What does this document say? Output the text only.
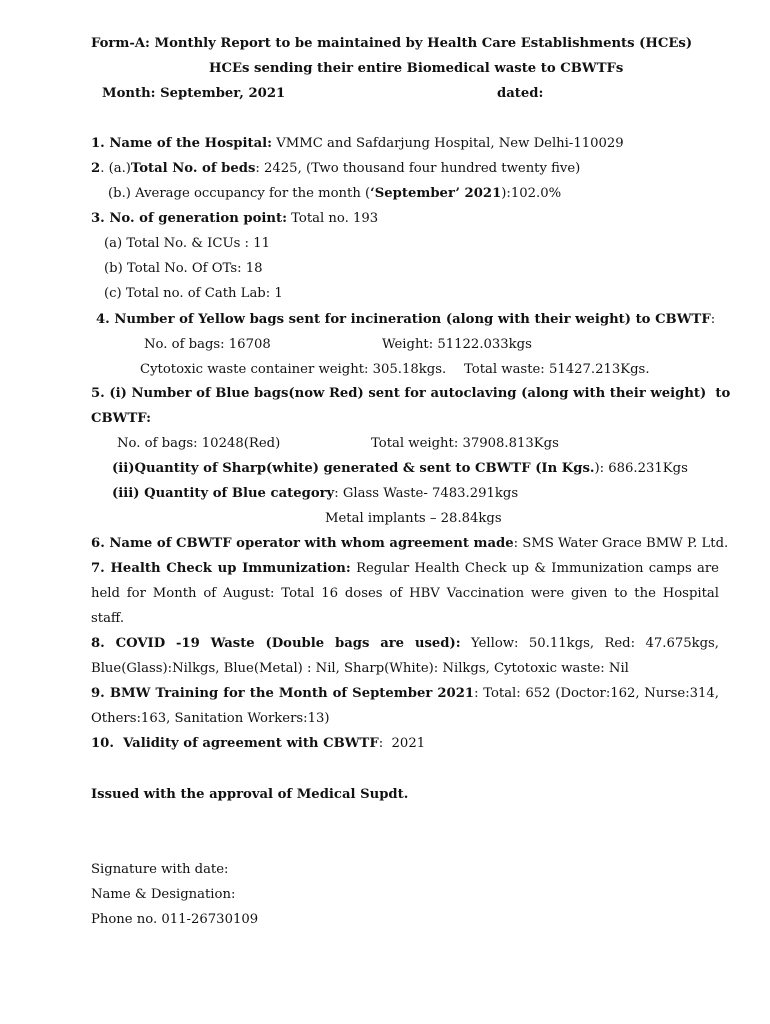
Form-A: Monthly Report to be maintained by Health Care Establishments (HCEs)
HCEs sending their entire Biomedical waste to CBWTFs
Month: September, 2021	dated:
1. Name of the Hospital: VMMC and Safdarjung Hospital, New Delhi-110029
2. (a.)Total No. of beds: 2425, (Two thousand four hundred twenty five)
(b.) Average occupancy for the month (‘September’ 2021):102.0%
3. No. of generation point: Total no. 193
(a) Total No. & ICUs : 11
(b) Total No. Of OTs: 18
(c) Total no. of Cath Lab: 1
4. Number of Yellow bags sent for incineration (along with their weight) to CBWTF:
No. of bags: 16708	Weight: 51122.033kgs
Cytotoxic waste container weight: 305.18kgs. Total waste: 51427.213Kgs.
5. (i) Number of Blue bags(now Red) sent for autoclaving (along with their weight)  to
CBWTF:
No. of bags: 10248(Red)	Total weight: 37908.813Kgs
(ii)Quantity of Sharp(white) generated & sent to CBWTF (In Kgs.): 686.231Kgs
(iii) Quantity of Blue category: Glass Waste- 7483.291kgs
Metal implants – 28.84kgs
6. Name of CBWTF operator with whom agreement made: SMS Water Grace BMW P. Ltd.
7. Health Check up Immunization: Regular Health Check up & Immunization camps are
held for Month of August: Total 16 doses of HBV Vaccination were given to the Hospital
staff.
8. COVID -19 Waste (Double bags are used): Yellow: 50.11kgs, Red: 47.675kgs,
Blue(Glass):Nilkgs, Blue(Metal) : Nil, Sharp(White): Nilkgs, Cytotoxic waste: Nil
9. BMW Training for the Month of September 2021: Total: 652 (Doctor:162, Nurse:314,
Others:163, Sanitation Workers:13)
10.  Validity of agreement with CBWTF:  2021
Issued with the approval of Medical Supdt.
Signature with date:
Name & Designation:
Phone no. 011-26730109
